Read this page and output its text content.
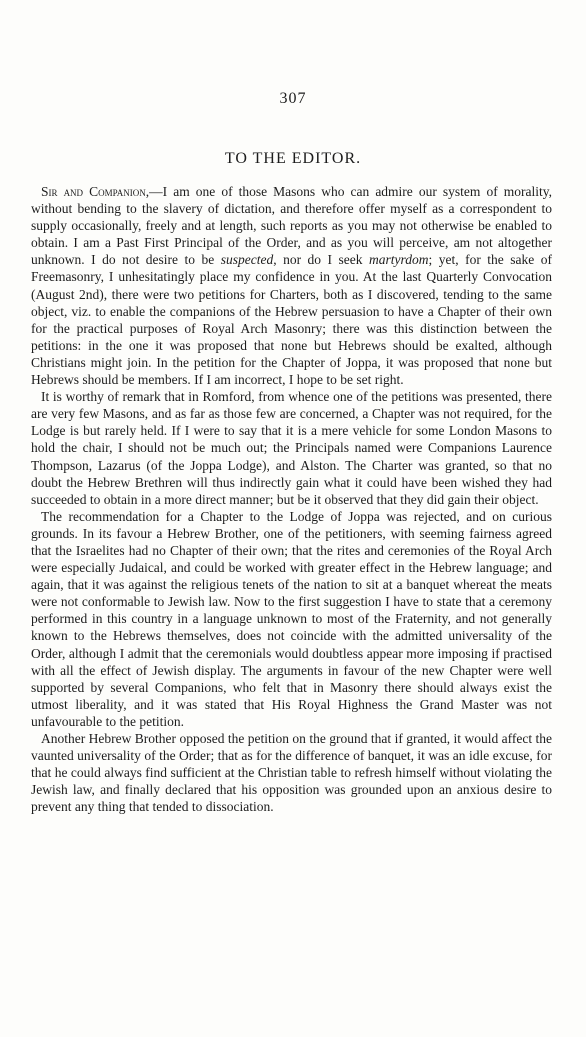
307
TO THE EDITOR.

Sir and Companion,—I am one of those Masons who can admire our system of morality, without bending to the slavery of dictation, and therefore offer myself as a correspondent to supply occasionally, freely and at length, such reports as you may not otherwise be enabled to obtain. I am a Past First Principal of the Order, and as you will perceive, am not altogether unknown. I do not desire to be suspected, nor do I seek martyrdom; yet, for the sake of Freemasonry, I unhesitatingly place my confidence in you. At the last Quarterly Convocation (August 2nd), there were two petitions for Charters, both as I discovered, tending to the same object, viz. to enable the companions of the Hebrew persuasion to have a Chapter of their own for the practical purposes of Royal Arch Masonry; there was this distinction between the petitions: in the one it was proposed that none but Hebrews should be exalted, although Christians might join. In the petition for the Chapter of Joppa, it was proposed that none but Hebrews should be members. If I am incorrect, I hope to be set right.

It is worthy of remark that in Romford, from whence one of the petitions was presented, there are very few Masons, and as far as those few are concerned, a Chapter was not required, for the Lodge is but rarely held. If I were to say that it is a mere vehicle for some London Masons to hold the chair, I should not be much out; the Principals named were Companions Laurence Thompson, Lazarus (of the Joppa Lodge), and Alston. The Charter was granted, so that no doubt the Hebrew Brethren will thus indirectly gain what it could have been wished they had succeeded to obtain in a more direct manner; but be it observed that they did gain their object.

The recommendation for a Chapter to the Lodge of Joppa was rejected, and on curious grounds. In its favour a Hebrew Brother, one of the petitioners, with seeming fairness agreed that the Israelites had no Chapter of their own; that the rites and ceremonies of the Royal Arch were especially Judaical, and could be worked with greater effect in the Hebrew language; and again, that it was against the religious tenets of the nation to sit at a banquet whereat the meats were not conformable to Jewish law. Now to the first suggestion I have to state that a ceremony performed in this country in a language unknown to most of the Fraternity, and not generally known to the Hebrews themselves, does not coincide with the admitted universality of the Order, although I admit that the ceremonials would doubtless appear more imposing if practised with all the effect of Jewish display. The arguments in favour of the new Chapter were well supported by several Companions, who felt that in Masonry there should always exist the utmost liberality, and it was stated that His Royal Highness the Grand Master was not unfavourable to the petition.

Another Hebrew Brother opposed the petition on the ground that if granted, it would affect the vaunted universality of the Order; that as for the difference of banquet, it was an idle excuse, for that he could always find sufficient at the Christian table to refresh himself without violating the Jewish law, and finally declared that his opposition was grounded upon an anxious desire to prevent any thing that tended to dissociation.
